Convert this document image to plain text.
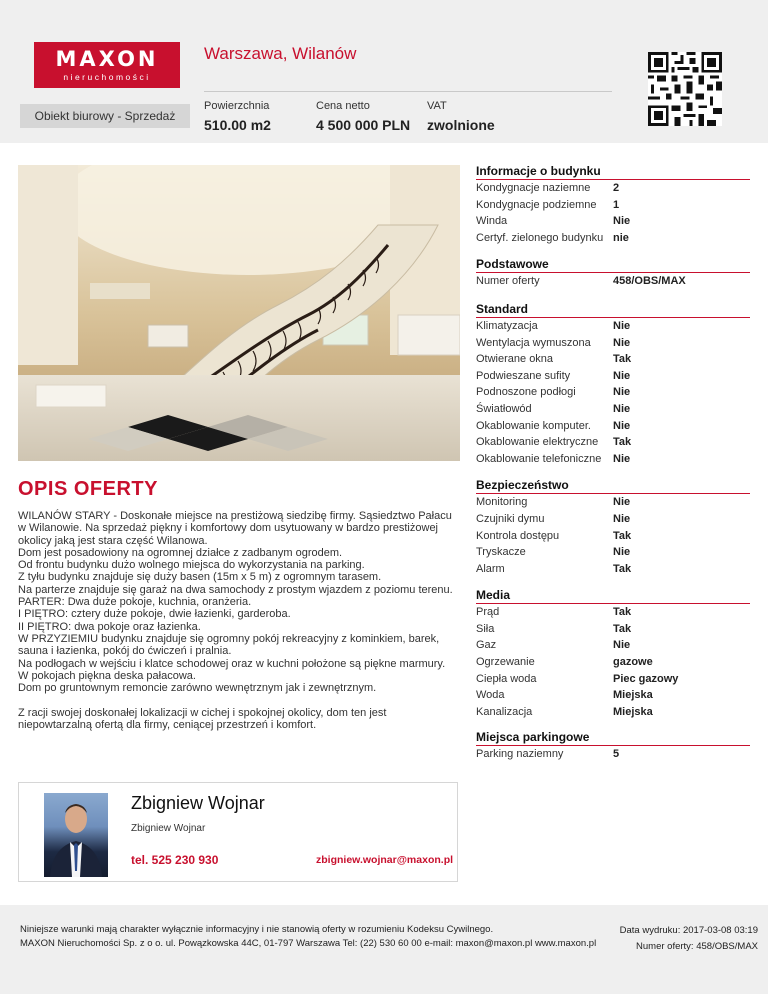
MAXON
nieruchomości
Warszawa, Wilanów
Obiekt biurowy - Sprzedaż
Powierzchnia
510.00 m2
Cena netto
4 500 000 PLN
VAT
zwolnione
OPIS OFERTY
WILANÓW STARY - Doskonałe miejsce na prestiżową siedzibę firmy. Sąsiedztwo Pałacu w Wilanowie. Na sprzedaż piękny i komfortowy dom usytuowany w bardzo prestiżowej okolicy jaką jest stara część Wilanowa.
Dom jest posadowiony na ogromnej działce z zadbanym ogrodem.
Od frontu budynku dużo wolnego miejsca do wykorzystania na parking.
Z tyłu budynku znajduje się duży basen (15m x 5 m) z ogromnym tarasem.
Na parterze znajduje się garaż na dwa samochody z prostym wjazdem z poziomu terenu.
PARTER: Dwa duże pokoje, kuchnia, oranżeria.
I PIĘTRO: cztery duże pokoje, dwie łazienki, garderoba.
II PIĘTRO: dwa pokoje oraz łazienka.
W PRZYZIEMIU budynku znajduje się ogromny pokój rekreacyjny z kominkiem, barek, sauna i łazienka, pokój do ćwiczeń i pralnia.
Na podłogach w wejściu i klatce schodowej oraz w kuchni położone są piękne marmury. W pokojach piękna deska pałacowa.
Dom po gruntownym remoncie zarówno wewnętrznym jak i zewnętrznym.

Z racji swojej doskonałej lokalizacji w cichej i spokojnej okolicy, dom ten jest niepowtarzalną ofertą dla firmy, ceniącej przestrzeń i komfort.
Informacje o budynku
Kondygnacje naziemne	2
Kondygnacje podziemne	1
Winda	Nie
Certyf. zielonego budynku nie
Podstawowe
Numer oferty	458/OBS/MAX
Standard
Klimatyzacja	Nie
Wentylacja wymuszona	Nie
Otwierane okna	Tak
Podwieszane sufity	Nie
Podnoszone podłogi	Nie
Światłowód	Nie
Okablowanie komputer.	Nie
Okablowanie elektryczne	Tak
Okablowanie telefoniczne	Nie
Bezpieczeństwo
Monitoring	Nie
Czujniki dymu	Nie
Kontrola dostępu	Tak
Tryskacze	Nie
Alarm	Tak
Media
Prąd	Tak
Siła	Tak
Gaz	Nie
Ogrzewanie	gazowe
Ciepła woda	Piec gazowy
Woda	Miejska
Kanalizacja	Miejska
Miejsca parkingowe
Parking naziemny	5
Zbigniew Wojnar
Zbigniew Wojnar
tel. 525 230 930	zbigniew.wojnar@maxon.pl
Niniejsze warunki mają charakter wyłącznie informacyjny i nie stanowią oferty w rozumieniu Kodeksu Cywilnego.
MAXON Nieruchomości Sp. z o o. ul. Powązkowska 44C, 01-797 Warszawa Tel: (22) 530 60 00 e-mail: maxon@maxon.pl www.maxon.pl
Data wydruku: 2017-03-08 03:19
Numer oferty: 458/OBS/MAX
